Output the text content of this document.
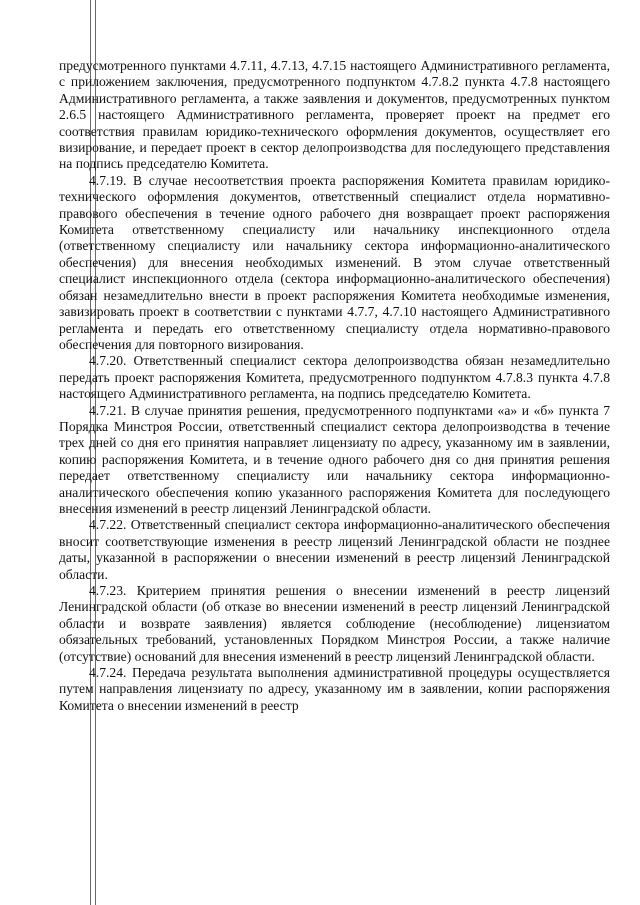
предусмотренного пунктами 4.7.11, 4.7.13, 4.7.15 настоящего Административного регламента, с приложением заключения, предусмотренного подпунктом 4.7.8.2 пункта 4.7.8 настоящего Административного регламента, а также заявления и документов, предусмотренных пунктом 2.6.5 настоящего Административного регламента, проверяет проект на предмет его соответствия правилам юридико-технического оформления документов, осуществляет его визирование, и передает проект в сектор делопроизводства для последующего представления на подпись председателю Комитета.

4.7.19. В случае несоответствия проекта распоряжения Комитета правилам юридико-технического оформления документов, ответственный специалист отдела нормативно-правового обеспечения в течение одного рабочего дня возвращает проект распоряжения Комитета ответственному специалисту или начальнику инспекционного отдела (ответственному специалисту или начальнику сектора информационно-аналитического обеспечения) для внесения необходимых изменений. В этом случае ответственный специалист инспекционного отдела (сектора информационно-аналитического обеспечения) обязан незамедлительно внести в проект распоряжения Комитета необходимые изменения, завизировать проект в соответствии с пунктами 4.7.7, 4.7.10 настоящего Административного регламента и передать его ответственному специалисту отдела нормативно-правового обеспечения для повторного визирования.

4.7.20. Ответственный специалист сектора делопроизводства обязан незамедлительно передать проект распоряжения Комитета, предусмотренного подпунктом 4.7.8.3 пункта 4.7.8 настоящего Административного регламента, на подпись председателю Комитета.

4.7.21. В случае принятия решения, предусмотренного подпунктами «а» и «б» пункта 7 Порядка Минстроя России, ответственный специалист сектора делопроизводства в течение трех дней со дня его принятия направляет лицензиату по адресу, указанному им в заявлении, копию распоряжения Комитета, и в течение одного рабочего дня со дня принятия решения передает ответственному специалисту или начальнику сектора информационно-аналитического обеспечения копию указанного распоряжения Комитета для последующего внесения изменений в реестр лицензий Ленинградской области.

4.7.22. Ответственный специалист сектора информационно-аналитического обеспечения вносит соответствующие изменения в реестр лицензий Ленинградской области не позднее даты, указанной в распоряжении о внесении изменений в реестр лицензий Ленинградской области.

4.7.23. Критерием принятия решения о внесении изменений в реестр лицензий Ленинградской области (об отказе во внесении изменений в реестр лицензий Ленинградской области и возврате заявления) является соблюдение (несоблюдение) лицензиатом обязательных требований, установленных Порядком Минстроя России, а также наличие (отсутствие) оснований для внесения изменений в реестр лицензий Ленинградской области.

4.7.24. Передача результата выполнения административной процедуры осуществляется путем направления лицензиату по адресу, указанному им в заявлении, копии распоряжения Комитета о внесении изменений в реестр
